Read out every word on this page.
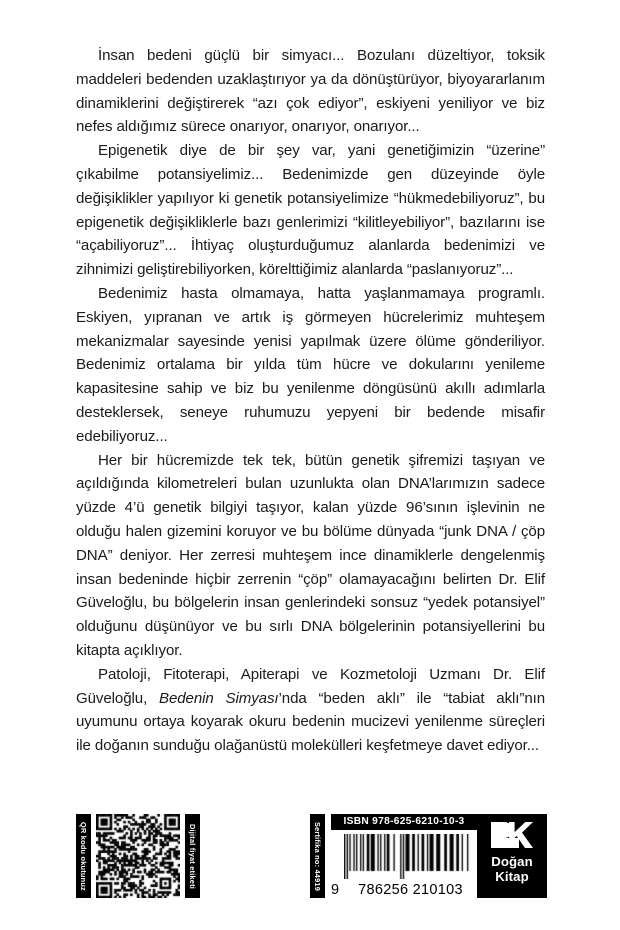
İnsan bedeni güçlü bir simyacı... Bozulanı düzeltiyor, toksik maddeleri bedenden uzaklaştırıyor ya da dönüştürüyor, biyoyararlanım dinamiklerini değiştirerek “azı çok ediyor”, eskiyeni yeniliyor ve biz nefes aldığımız sürece onarıyor, onarıyor, onarıyor...

Epigenetik diye de bir şey var, yani genetiğimizin “üzerine” çıkabilme potansiyelimiz... Bedenimizde gen düzeyinde öyle değişiklikler yapılıyor ki genetik potansiyelimize “hükmedebiliyoruz”, bu epigenetik değişikliklerle bazı genlerimizi “kilitleyebiliyor”, bazılarını ise “açabiliyoruz”... İhtiyaç oluşturduğumuz alanlarda bedenimizi ve zihnimizi geliştirebiliyorken, körelttiğimiz alanlarda “paslanıyoruz”...

Bedenimiz hasta olmamaya, hatta yaşlanmamaya programlı. Eskiyen, yıpranan ve artık iş görmeyen hücrelerimiz muhteşem mekanizmalar sayesinde yenisi yapılmak üzere ölüme gönderiliyor. Bedenimiz ortalama bir yılda tüm hücre ve dokularını yenileme kapasitesine sahip ve biz bu yenilenme döngüsünü akıllı adımlarla desteklersek, seneye ruhumuzu yepyeni bir bedende misafir edebiliyoruz...

Her bir hücremizde tek tek, bütün genetik şifremizi taşıyan ve açıldığında kilometreleri bulan uzunlukta olan DNA’larımızın sadece yüzde 4’ü genetik bilgiyi taşıyor, kalan yüzde 96’sının işlevinin ne olduğu halen gizemini koruyor ve bu bölüme dünyada “junk DNA / çöp DNA” deniyor. Her zerresi muhteşem ince dinamiklerle dengelenmiş insan bedeninde hiçbir zerrenin “çöp” olamayacağını belirten Dr. Elif Güveloğlu, bu bölgelerin insan genlerindeki sonsuz “yedek potansiyel” olduğunu düşünüyor ve bu sırlı DNA bölgelerinin potansiyellerini bu kitapta açıklıyor.

Patoloji, Fitoterapi, Apiterapi ve Kozmetoloji Uzmanı Dr. Elif Güveloğlu, Bedenin Simyası’nda “beden aklı” ile “tabiat aklı”nın uyumunu ortaya koyarak okuru bedenin mucizevi yenilenme süreçleri ile doğanın sunduğu olağanüstü molekülleri keşfetmeye davet ediyor...

QR kodu okutunuz	Dijital fiyat etiketi	Sertifika no: 44919	ISBN 978-625-6210-10-3
9	786256 210103
Doğan
Kitap
